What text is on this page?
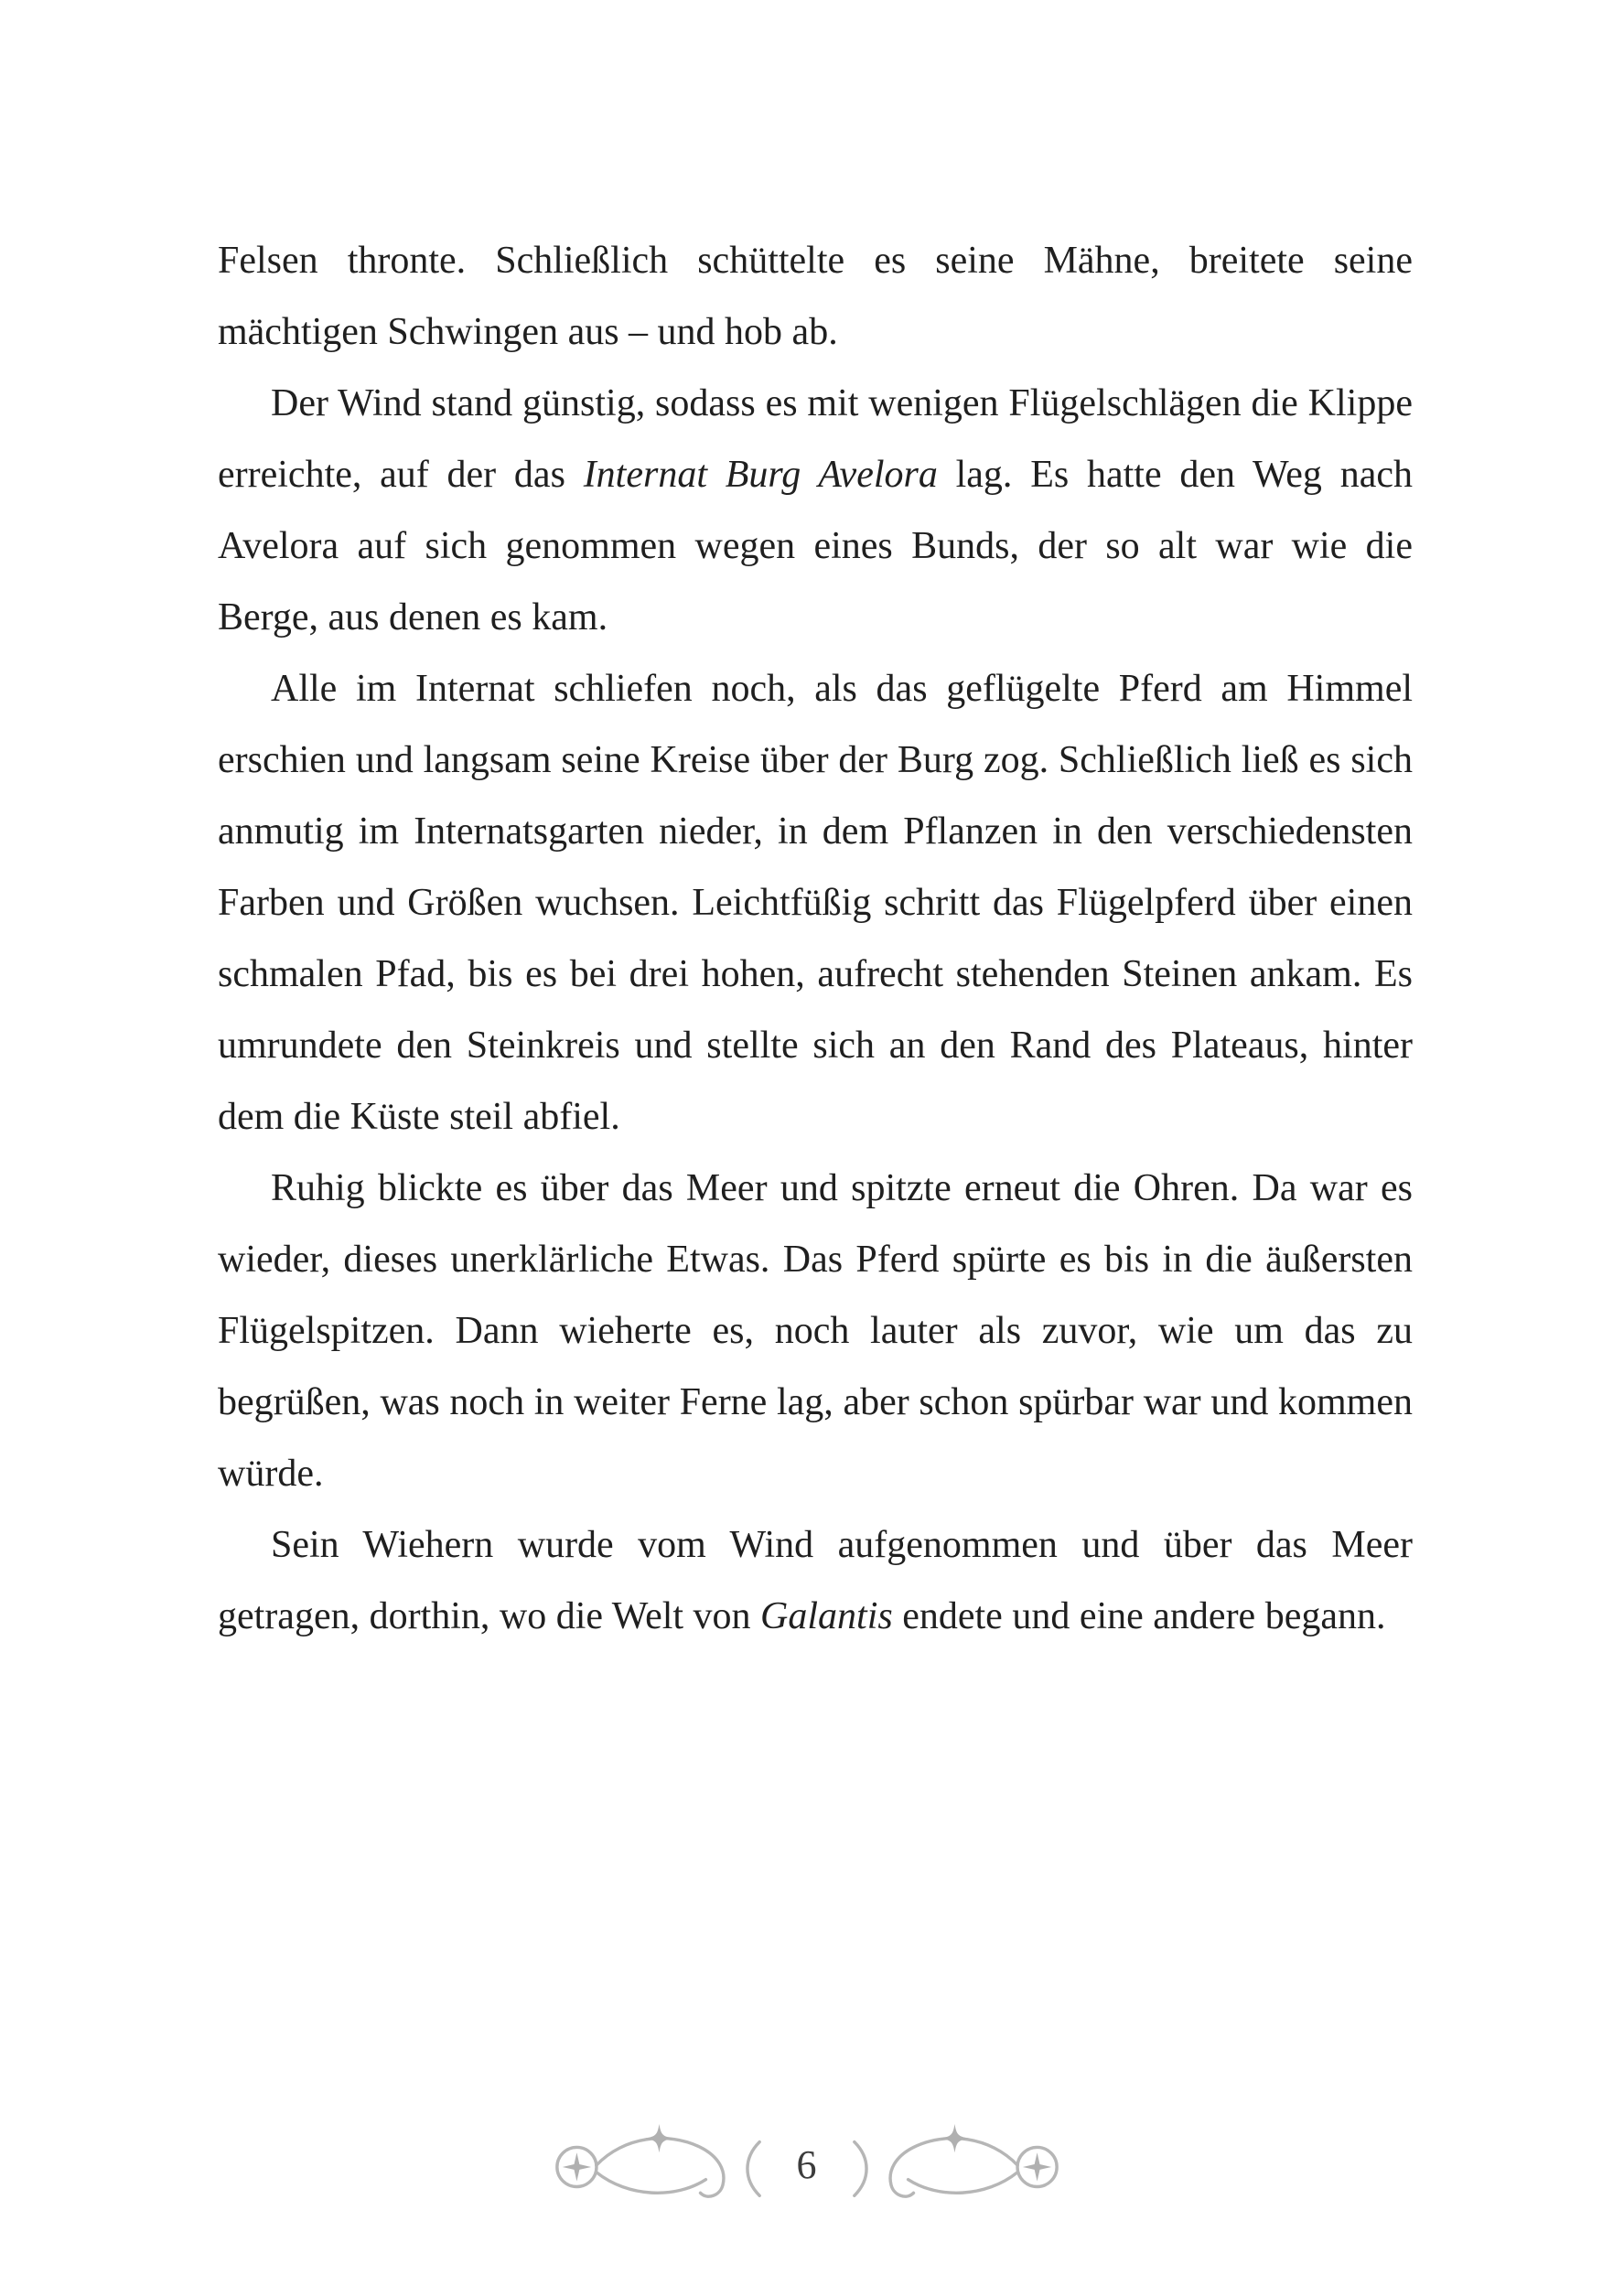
Felsen thronte. Schließlich schüttelte es seine Mähne, breitete seine mächtigen Schwingen aus – und hob ab.

Der Wind stand günstig, sodass es mit wenigen Flügelschlägen die Klippe erreichte, auf der das Internat Burg Avelora lag. Es hatte den Weg nach Avelora auf sich genommen wegen eines Bunds, der so alt war wie die Berge, aus denen es kam.

Alle im Internat schliefen noch, als das geflügelte Pferd am Himmel erschien und langsam seine Kreise über der Burg zog. Schließlich ließ es sich anmutig im Internatsgarten nieder, in dem Pflanzen in den verschiedensten Farben und Größen wuchsen. Leichtfüßig schritt das Flügelpferd über einen schmalen Pfad, bis es bei drei hohen, aufrecht stehenden Steinen ankam. Es umrundete den Steinkreis und stellte sich an den Rand des Plateaus, hinter dem die Küste steil abfiel.

Ruhig blickte es über das Meer und spitzte erneut die Ohren. Da war es wieder, dieses unerklärliche Etwas. Das Pferd spürte es bis in die äußersten Flügelspitzen. Dann wieherte es, noch lauter als zuvor, wie um das zu begrüßen, was noch in weiter Ferne lag, aber schon spürbar war und kommen würde.

Sein Wiehern wurde vom Wind aufgenommen und über das Meer getragen, dorthin, wo die Welt von Galantis endete und eine andere begann.

6
